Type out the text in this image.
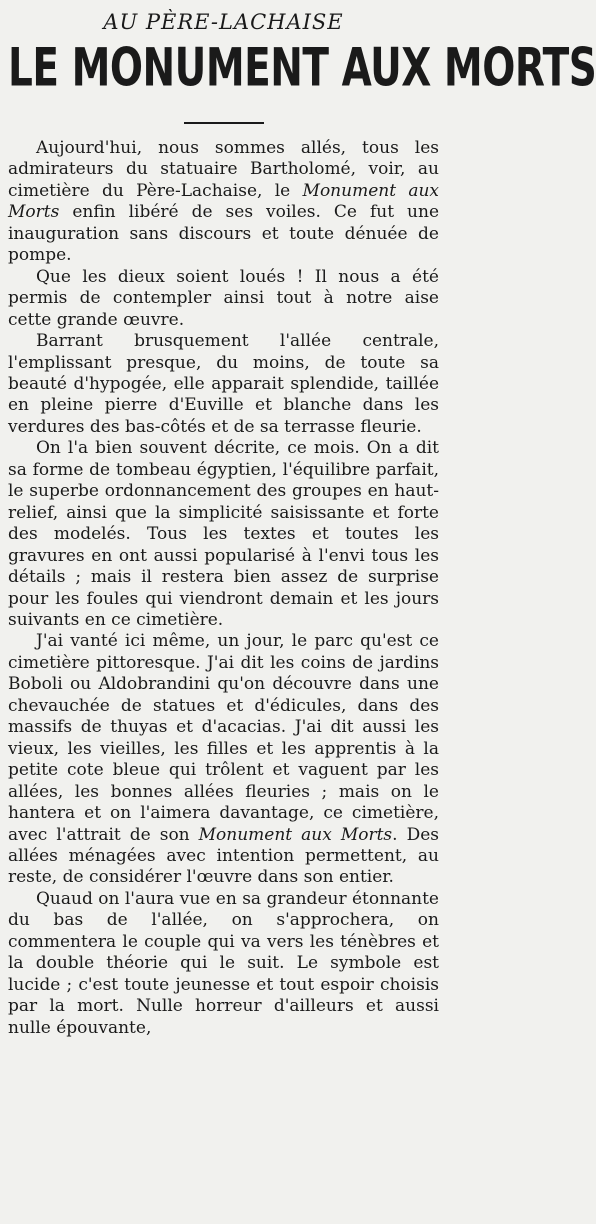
AU PÈRE-LACHAISE
LE MONUMENT AUX MORTS

Aujourd'hui, nous sommes allés, tous les admirateurs du statuaire Bartholomé, voir, au cimetière du Père-Lachaise, le Monument aux Morts enfin libéré de ses voiles. Ce fut une inauguration sans discours et toute dénuée de pompe.

Que les dieux soient loués ! Il nous a été permis de contempler ainsi tout à notre aise cette grande œuvre.

Barrant brusquement l'allée centrale, l'emplissant presque, du moins, de toute sa beauté d'hypogée, elle apparait splendide, taillée en pleine pierre d'Euville et blanche dans les verdures des bas-côtés et de sa terrasse fleurie.

On l'a bien souvent décrite, ce mois. On a dit sa forme de tombeau égyptien, l'équilibre parfait, le superbe ordonnancement des groupes en haut-relief, ainsi que la simplicité saisissante et forte des modelés. Tous les textes et toutes les gravures en ont aussi popularisé à l'envi tous les détails ; mais il restera bien assez de surprise pour les foules qui viendront demain et les jours suivants en ce cimetière.

J'ai vanté ici même, un jour, le parc qu'est ce cimetière pittoresque. J'ai dit les coins de jardins Boboli ou Aldobrandini qu'on découvre dans une chevauchée de statues et d'édicules, dans des massifs de thuyas et d'acacias. J'ai dit aussi les vieux, les vieilles, les filles et les apprentis à la petite cote bleue qui trôlent et vaguent par les allées, les bonnes allées fleuries ; mais on le hantera et on l'aimera davantage, ce cimetière, avec l'attrait de son Monument aux Morts. Des allées ménagées avec intention permettent, au reste, de considérer l'œuvre dans son entier.

Quaud on l'aura vue en sa grandeur étonnante du bas de l'allée, on s'approchera, on commentera le couple qui va vers les ténèbres et la double théorie qui le suit. Le symbole est lucide ; c'est toute jeunesse et tout espoir choisis par la mort. Nulle horreur d'ailleurs et aussi nulle épouvante,
